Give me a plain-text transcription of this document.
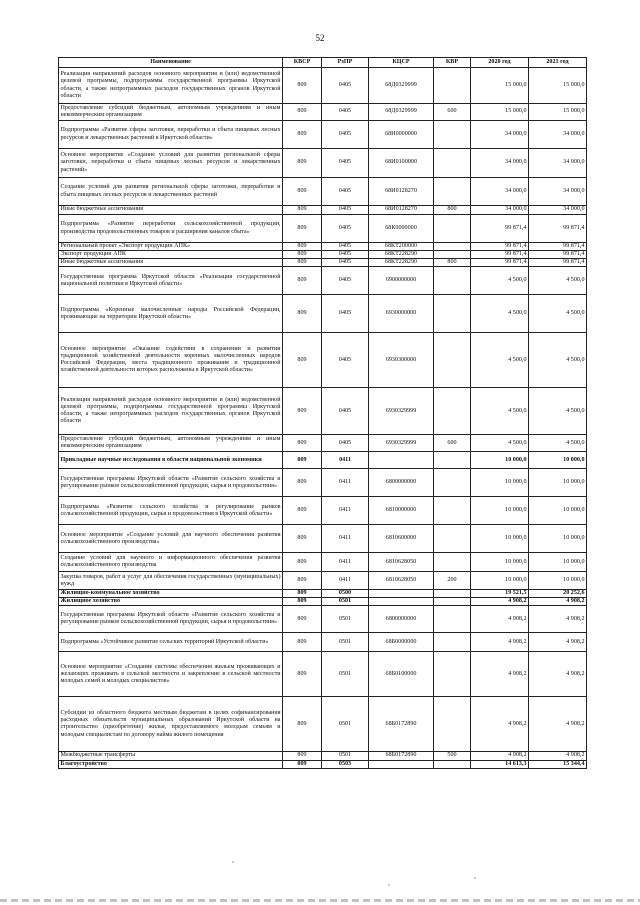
52
Наименование	КВСР	РзПР	КЦСР	КВР	2020 год	2021 год
Реализация направлений расходов основного мероприятия и (или) ведомственной целевой программы, подпрограммы государственной программы Иркутской области, а также непрограммных расходов государственных органов Иркутской области	809	0405	68Д0329999		15 000,0	15 000,0
Предоставление субсидий бюджетным, автономным учреждениям и иным некоммерческим организациям	809	0405	68Д0329999	600	15 000,0	15 000,0
Подпрограмма «Развитие сферы заготовки, переработки и сбыта пищевых лесных ресурсов и лекарственных растений в Иркутской области»	809	0405	68И0000000		34 000,0	34 000,0
Основное мероприятие «Создание условий для развития региональной сферы заготовки, переработки и сбыта пищевых лесных ресурсов и лекарственных растений»	809	0405	68И0100000		34 000,0	34 000,0
Создание условий для развития региональной сферы заготовки, переработки и сбыта пищевых лесных ресурсов и лекарственных растений	809	0405	68И0128270		34 000,0	34 000,0
Иные бюджетные ассигнования	809	0405	68И0128270	800	34 000,0	34 000,0
Подпрограмма «Развитие переработки сельскохозяйственной продукции, производства продовольственных товаров и расширения каналов сбыта»	809	0405	68К0000000		99 871,4	99 871,4
Региональный проект «Экспорт продукции АПК»	809	0405	68КТ200000		99 871,4	99 871,4
Экспорт продукции АПК	809	0405	68КТ228290		99 871,4	99 871,4
Иные бюджетные ассигнования	809	0405	68КТ228290	800	99 871,4	99 871,4
Государственная программа Иркутской области «Реализация государственной национальной политики в Иркутской области»	809	0405	6900000000		4 500,0	4 500,0
Подпрограмма «Коренные малочисленные народы Российской Федерации, проживающие на территории Иркутской области»	809	0405	6930000000		4 500,0	4 500,0
Основное мероприятие «Оказание содействия в сохранении и развитии традиционной хозяйственной деятельности коренных малочисленных народов Российской Федерации, места традиционного проживания и традиционной хозяйственной деятельности которых расположены в Иркутской области»	809	0405	6930300000		4 500,0	4 500,0
Реализация направлений расходов основного мероприятия и (или) ведомственной целевой программы, подпрограммы государственной программы Иркутской области, а также непрограммных расходов государственных органов Иркутской области	809	0405	6930329999		4 500,0	4 500,0
Предоставление субсидий бюджетным, автономным учреждениям и иным некоммерческим организациям	809	0405	6930329999	600	4 500,0	4 500,0
Прикладные научные исследования в области национальной экономики	809	0411			10 000,0	10 000,0
Государственная программа Иркутской области «Развитие сельского хозяйства и регулирование рынков сельскохозяйственной продукции, сырья и продовольствия»	809	0411	6800000000		10 000,0	10 000,0
Подпрограмма «Развитие сельского хозяйства и регулирование рынков сельскохозяйственной продукции, сырья и продовольствия в Иркутской области»	809	0411	6810000000		10 000,0	10 000,0
Основное мероприятие «Создание условий для научного обеспечения развития сельскохозяйственного производства»	809	0411	6810600000		10 000,0	10 000,0
Создание условий для научного и информационного обеспечения развития сельскохозяйственного производства	809	0411	6810628050		10 000,0	10 000,0
Закупка товаров, работ и услуг для обеспечения государственных (муниципальных) нужд	809	0411	6810628050	200	10 000,0	10 000,0
Жилищно-коммунальное хозяйство	809	0500			19 521,5	20 252,6
Жилищное хозяйство	809	0501			4 908,2	4 908,2
Государственная программа Иркутской области «Развитие сельского хозяйства и регулирование рынков сельскохозяйственной продукции, сырья и продовольствия»	809	0501	6800000000		4 908,2	4 908,2
Подпрограмма «Устойчивое развитие сельских территорий Иркутской области»	809	0501	68Б0000000		4 908,2	4 908,2
Основное мероприятие «Создание системы обеспечения жильем проживающих и желающих проживать в сельской местности и закрепление в сельской местности молодых семей и молодых специалистов»	809	0501	68Б0100000		4 908,2	4 908,2
Субсидии из областного бюджета местным бюджетам в целях софинансирования расходных обязательств муниципальных образований Иркутской области на строительство (приобретение) жилья, предоставляемого молодым семьям и молодым специалистам по договору найма жилого помещения	809	0501	68Б0172890		4 908,2	4 908,2
Межбюджетные трансферты	809	0501	68Б0172890	500	4 908,2	4 908,2
Благоустройство	809	0503			14 613,3	15 344,4
